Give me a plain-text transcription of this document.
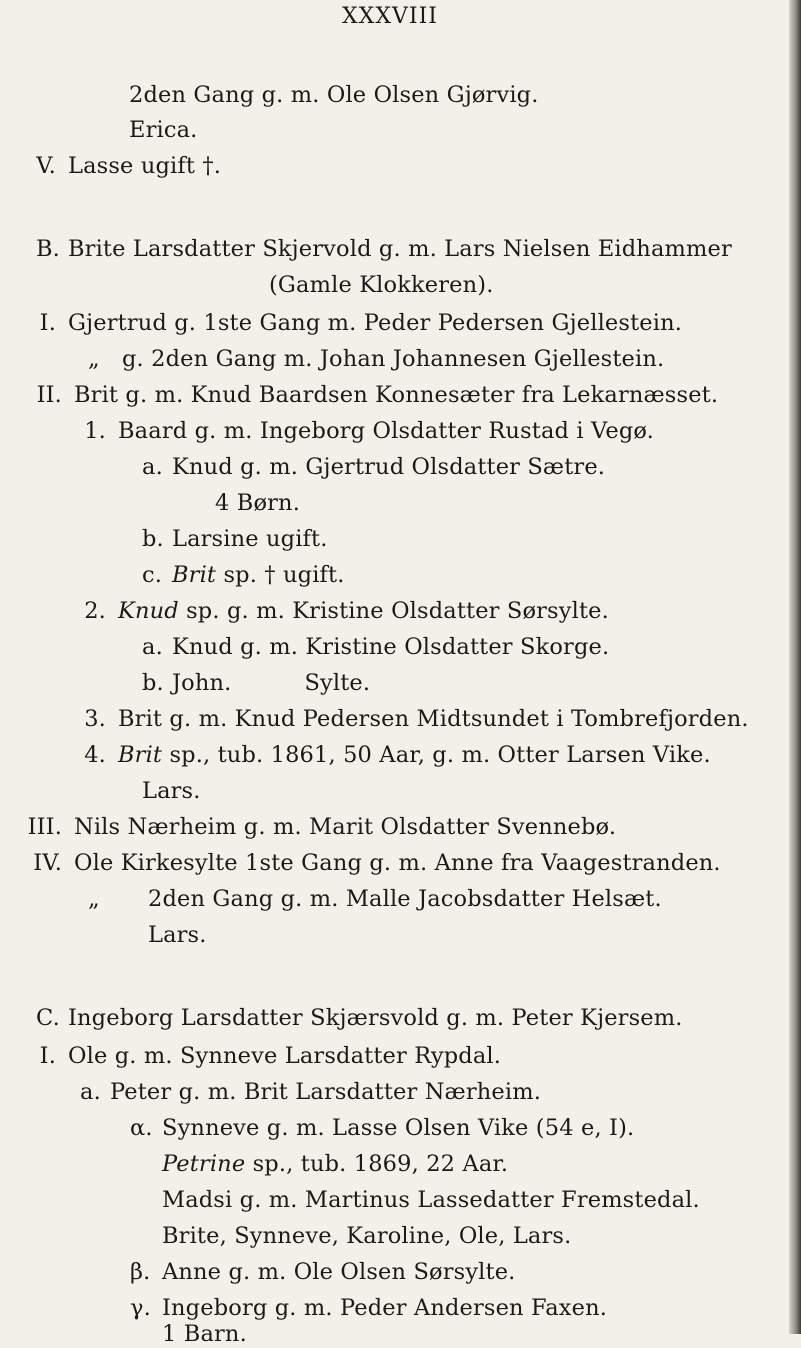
XXXVIII
2den Gang g. m. Ole Olsen Gjørvig.
Erica.
V. Lasse ugift †.
B. Brite Larsdatter Skjervold g. m. Lars Nielsen Eidhammer
(Gamle Klokkeren).
I. Gjertrud g. 1ste Gang m. Peder Pedersen Gjellestein.
„ g. 2den Gang m. Johan Johannesen Gjellestein.
II. Brit g. m. Knud Baardsen Konnesæter fra Lekarnæsset.
1. Baard g. m. Ingeborg Olsdatter Rustad i Vegø.
a. Knud g. m. Gjertrud Olsdatter Sætre.
4 Børn.
b. Larsine ugift.
c. Brit sp. † ugift.
2. Knud sp. g. m. Kristine Olsdatter Sørsylte.
a. Knud g. m. Kristine Olsdatter Skorge.
b. John.          Sylte.
3. Brit g. m. Knud Pedersen Midtsundet i Tombrefjorden.
4. Brit sp., tub. 1861, 50 Aar, g. m. Otter Larsen Vike.
Lars.
III. Nils Nærheim g. m. Marit Olsdatter Svennebø.
IV. Ole Kirkesylte 1ste Gang g. m. Anne fra Vaagestranden.
„ 2den Gang g. m. Malle Jacobsdatter Helsæt.
Lars.
C. Ingeborg Larsdatter Skjærsvold g. m. Peter Kjersem.
I. Ole g. m. Synneve Larsdatter Rypdal.
a. Peter g. m. Brit Larsdatter Nærheim.
α. Synneve g. m. Lasse Olsen Vike (54 e, I).
Petrine sp., tub. 1869, 22 Aar.
Madsi g. m. Martinus Lassedatter Fremstedal.
Brite, Synneve, Karoline, Ole, Lars.
β. Anne g. m. Ole Olsen Sørsylte.
γ. Ingeborg g. m. Peder Andersen Faxen.
1 Barn.
